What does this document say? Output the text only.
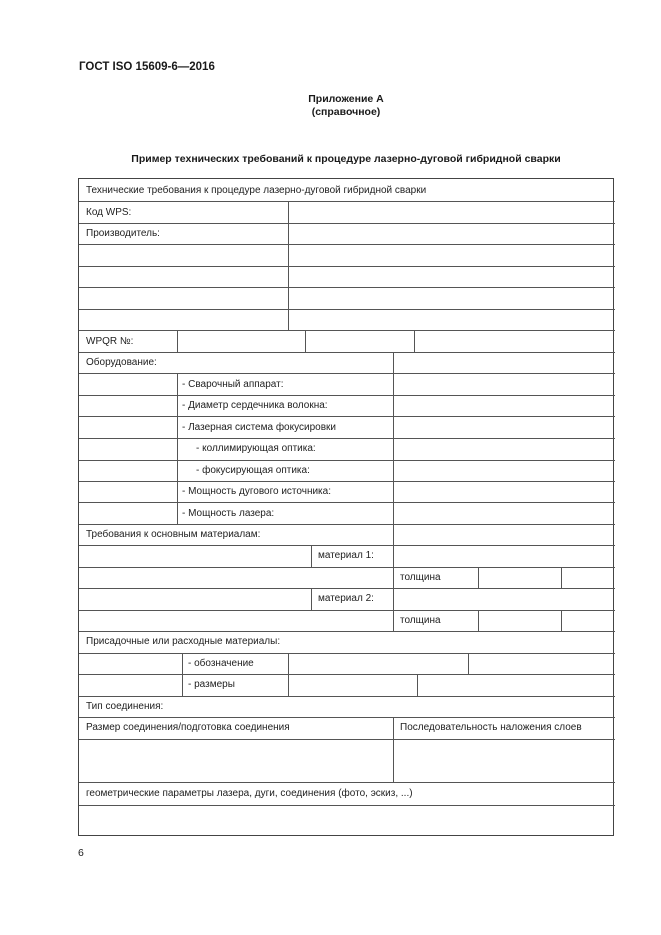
ГОСТ ISO 15609-6—2016
Приложение А
(справочное)
Пример технических требований к процедуре лазерно-дуговой гибридной сварки
Технические требования к процедуре лазерно-дуговой гибридной сварки
Код WPS:
Производитель:
WPQR №:
Оборудование:
- Сварочный аппарат:
- Диаметр сердечника волокна:
- Лазерная система фокусировки
- коллимирующая оптика:
- фокусирующая оптика:
- Мощность дугового источника:
- Мощность лазера:
Требования к основным материалам:
материал 1:
толщина
материал 2:
толщина
Присадочные или расходные материалы:
- обозначение
- размеры
Тип соединения:
Размер соединения/подготовка соединения	Последовательность наложения слоев
геометрические параметры лазера, дуги, соединения (фото, эскиз, ...)
6
